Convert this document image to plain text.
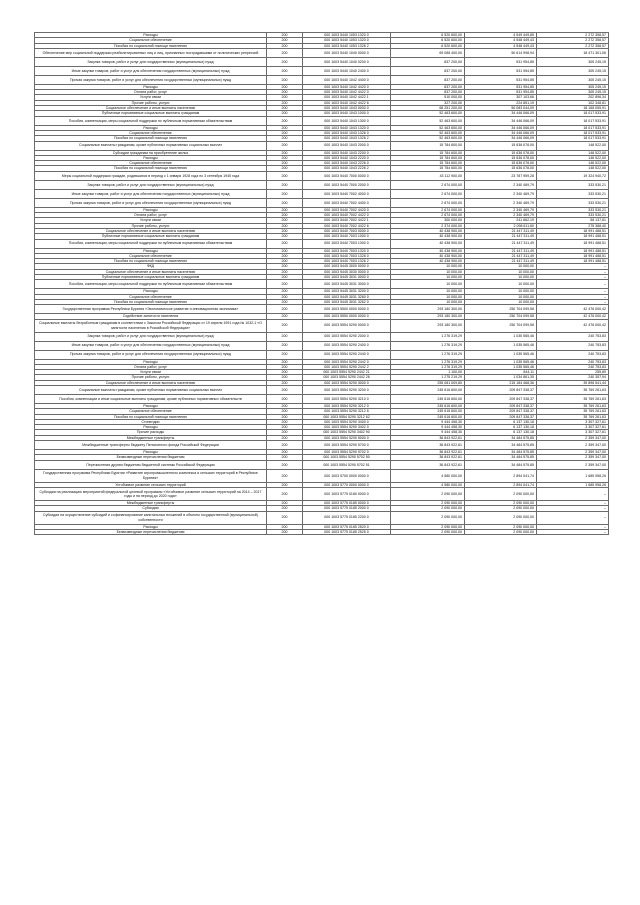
Расходы	200	000 1003 5440 1053 1320 0	6 520 600,00	4 549 449,85	2 272 358,57
Социальное обеспечение	200	000 1003 5440 1053 1320 0	6 520 600,00	4 548 449,43	2 272 358,57
Пособия по социальной помощи населению	200	000 1003 5440 1053 1326 2	6 520 600,00	4 548 449,43	2 272 358,57
Обеспечение мер социальной поддержки реабилитированных лиц и лиц, признанных пострадавшими от политических репрессий	200	000 1003 5440 1040 0000 0	69 088 400,00	50 614 998,94	18 471 301,06
Закупка товаров, работ и услуг для государственных (муниципальных) нужд	200	000 1003 5440 1040 0200 0	837 200,00	531 954,85	305 245,15
Иные закупки товаров, работ и услуг для обеспечения государственных (муниципальных) нужд	200	000 1003 5440 1040 2400 0	837 200,00	531 954,85	305 245,15
Прочая закупка товаров, работ и услуг для обеспечения государственных (муниципальных) нужд	200	000 1003 5440 1042 4400 0	837 200,00	531 954,85	305 245,15
Расходы	200	000 1003 5440 1042 4420 0	837 200,00	531 954,85	305 245,15
Оплата работ, услуг	200	000 1003 5440 1042 4422 0	837 200,00	531 954,85	305 245,15
Услуги связи	200	000 1003 5440 1042 4422 1	510 000,00	307 103,66	202 896,34
Прочие работы, услуги	200	000 1003 5440 1042 4422 6	327 200,00	224 851,19	102 348,81
Социальное обеспечение и иные выплаты населению	200	000 1003 5440 1043 0000 0	68 251 200,00	50 083 044,09	18 168 055,91
Публичные нормативные социальные выплаты гражданам	200	000 1003 5440 1043 1000 0	52 463 600,00	34 446 066,09	18 017 533,91
Пособия, компенсации, меры социальной поддержки по публичным нормативным обязательствам	200	000 1003 5440 1043 1300 0	52 463 600,00	34 446 066,09	18 017 533,91
Расходы	200	000 1003 5440 1043 1320 0	52 463 600,00	34 446 066,09	18 017 533,91
Социальное обеспечение	200	000 1003 5440 1043 1326 0	52 463 600,00	34 446 066,09	18 017 533,91
Пособия по социальной помощи населению	200	000 1003 5440 1043 1326 2	52 463 600,00	34 446 066,09	18 017 533,91
Социальные выплаты гражданам, кроме публичных нормативных социальных выплат	200	000 1003 5440 1043 2000 0	15 784 600,00	15 636 078,00	148 522,00
Субсидии гражданам на приобретение жилья	200	000 1003 5440 1043 2200 0	15 784 600,00	15 636 078,00	148 522,00
Расходы	200	000 1003 5440 1043 2220 0	15 784 600,00	15 636 078,00	148 522,00
Социальное обеспечение	200	000 1003 5440 1043 2226 0	15 784 600,00	15 636 078,00	148 522,00
Пособия по социальной помощи населению	200	000 1003 5440 1043 2226 2	15 784 600,00	15 636 078,00	148 522,00
Меры социальной поддержки граждан, родившихся в период с 1 января 1928 года по 3 сентября 1945 года	200	000 1003 5440 7000 0000 0	43 112 900,00	23 787 959,28	19 324 940,72
Закупка товаров, работ и услуг для государственных (муниципальных) нужд	200	000 1003 5440 7000 2000 0	2 674 000,00	2 340 469,79	333 530,21
Иные закупки товаров, работ и услуг для обеспечения государственных (муниципальных) нужд	200	000 1003 5440 7002 4000 0	2 674 000,00	2 340 469,79	333 530,21
Прочая закупка товаров, работ и услуг для обеспечения государственных (муниципальных) нужд	200	000 1003 5440 7002 4400 0	2 674 000,00	2 340 469,79	333 530,21
Расходы	200	000 1003 5440 7002 4420 0	2 674 000,00	2 340 469,79	333 530,21
Оплата работ, услуг	200	000 1003 5440 7002 4422 0	2 674 000,00	2 340 469,79	333 530,21
Услуги связи	200	000 1003 5440 7002 4422 1	300 000,00	241 862,19	58 137,81
Прочие работы, услуги	200	000 1003 5440 7002 4422 6	2 374 000,00	2 098 611,60	275 388,40
Социальное обеспечение и иные выплаты населению	200	000 1003 5440 7003 0000 0	40 438 900,00	21 447 311,49	18 991 488,51
Публичные нормативные социальные выплаты гражданам	200	000 1003 5440 7003 1000 0	40 438 900,00	21 447 311,49	18 991 488,51
Пособия, компенсации, меры социальной поддержки по публичным нормативным обязательствам	200	000 1003 5440 7003 1300 0	40 438 900,00	21 447 311,49	18 991 488,51
Расходы	200	000 1003 5440 7003 1320 0	40 438 900,00	21 447 311,49	18 991 488,51
Социальное обеспечение	200	000 1003 5440 7003 1326 0	40 438 900,00	21 447 311,49	18 991 488,51
Пособия по социальной помощи населению	200	000 1003 5440 7003 1326 2	40 438 900,00	21 447 311,49	18 991 488,51
ФКД	200	000 1003 5445 3000 0000 0	10 000,00	10 000,00	–
Социальное обеспечение и иные выплаты населению	200	000 1003 5445 3030 0000 0	10 000,00	10 000,00	–
Публичные нормативные социальные выплаты гражданам	200	000 1003 5445 3031 0000 0	10 000,00	10 000,00	–
Пособия, компенсации, меры социальной поддержки по публичным нормативным обязательствам	200	000 1003 5445 3031 3000 0	10 000,00	10 000,00	–
Расходы	200	000 1003 5445 3031 3200 0	10 000,00	10 000,00	–
Социальное обеспечение	200	000 1003 5445 3031 3260 0	10 000,00	10 000,00	–
Пособия по социальной помощи населению	200	000 1003 5445 3031 3262 0	10 000,00	10 000,00	–
Государственная программа Республики Бурятия «Экономическое развитие и инновационная экономика»	200	000 1003 5500 0000 0000 0	293 180 300,00	250 704 099,58	42 476 000,42
Содействие занятости населения	200	000 1003 5550 0000 0000 0	293 180 300,00	250 704 099,58	42 476 000,42
Социальные выплаты безработным гражданам в соответствии с Законом Российской Федерации от 19 апреля 1991 года № 1032-1 «О занятости населения в Российской Федерации»	200	000 1003 5554 5290 0000 0	293 180 300,00	250 704 099,58	42 476 000,42
Закупка товаров, работ и услуг для государственных (муниципальных) нужд	200	000 1003 5554 5290 2000 0	1 276 319,29	1 035 565,46	240 753,83
Иные закупки товаров, работ и услуг для обеспечения государственных (муниципальных) нужд	200	000 1003 5554 5290 2400 0	1 276 319,29	1 035 565,46	240 753,83
Прочая закупка товаров, работ и услуг для обеспечения государственных (муниципальных) нужд	200	000 1003 5554 5290 2440 0	1 276 319,29	1 035 565,46	240 753,83
Расходы	200	000 1003 5554 5290 2442 0	1 276 319,29	1 035 565,46	240 753,83
Оплата работ, услуг	200	000 1003 5554 5290 2442 2	1 276 319,29	1 035 565,46	240 753,83
Услуги связи	200	000 1003 5554 5290 2442 21	1 100,00	844,11	255,89
Прочие работы, услуги	200	000 1003 5554 5290 2442 26	1 275 219,29	1 034 861,35	240 357,94
Социальное обеспечение и иные выплаты населению	200	000 1003 5554 5290 3000 0	255 081 009,80	215 184 468,36	39 896 541,44
Социальные выплаты гражданам, кроме публичных нормативных социальных выплат	200	000 1003 5554 5290 3200 0	245 616 600,00	209 847 338,37	35 769 261,63
Пособия, компенсации и иные социальные выплаты гражданам, кроме публичных нормативных обязательств	200	000 1003 5554 5290 3210 0	245 616 600,00	209 847 338,37	35 769 261,63
Расходы	200	000 1003 5554 5290 3212 0	245 616 600,00	209 847 338,37	35 769 261,63
Социальное обеспечение	200	000 1003 5554 5290 3212 6	245 616 600,00	209 847 338,37	35 769 261,63
Пособия по социальной помощи населению	200	000 1003 5554 5290 3212 62	245 616 600,00	209 847 338,37	35 769 261,63
Стипендии	200	000 1003 5554 5290 3400 0	9 444 458,30	6 137 130,18	3 307 327,61
Расходы	200	000 1003 5554 5290 3402 0	9 444 458,30	6 137 130,18	3 307 327,61
Прочие расходы	200	000 1003 5554 5290 3402 90	9 444 458,30	6 137 130,18	3 307 327,61
Межбюджетные трансферты	200	000 1003 5554 5290 5000 0	36 843 922,61	34 484 575,85	2 359 347,00
Межбюджетные трансферты бюджету Пенсионного фонда Российской Федерации	200	000 1003 5554 5290 5700 0	36 843 922,61	34 484 575,85	2 359 347,00
Расходы	200	000 1003 5554 5290 5702 0	36 843 922,61	34 484 575,85	2 359 347,00
Безвозмездные перечисления бюджетам	200	000 1003 5554 5290 5702 50	36 843 922,61	34 484 575,85	2 359 347,00
Перечисления другим бюджетам бюджетной системы Российской Федерации	200	000 1003 5554 5290 5702 51	36 843 922,61	34 484 575,85	2 359 347,00
Государственная программа Республики Бурятия «Развитие агропромышленного комплекса и сельских территорий в Республике Бурятия»	200	000 1003 5700 0000 0000 0	4 580 000,00	2 894 041,74	1 685 958,26
Устойчивое развитие сельских территорий	200	000 1003 5770 0000 0000 0	4 580 000,00	2 894 041,74	1 685 958,26
Субсидии на реализацию мероприятий федеральной целевой программы «Устойчивое развитие сельских территорий на 2014 – 2017 годы и на период до 2020 года»	200	000 1003 5775 0180 0000 0	2 090 000,00	2 090 000,00	–
Межбюджетные трансферты	200	000 1003 5775 0185 0000 0	2 090 000,00	2 090 000,00	–
Субсидии	200	000 1003 5775 0185 2000 0	2 090 000,00	2 090 000,00	–
Субсидии на осуществление субсидий и софинансирование капитальных вложений в объекты государственной (муниципальной) собственности	200	000 1003 5775 0185 2200 0	2 090 000,00	2 090 000,00	–
Расходы	200	000 1003 5775 0185 2520 0	2 090 000,00	2 090 000,00	–
Безвозмездные перечисления бюджетам	200	000 1003 5775 0185 2525 0	2 090 000,00	2 090 000,00	–
